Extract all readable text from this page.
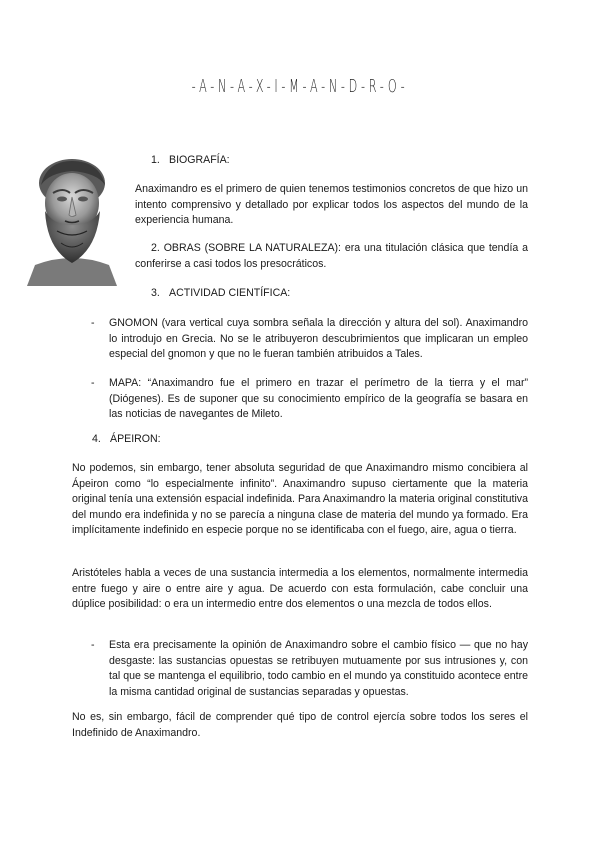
-A-N-A-X-I-M-A-N-D-R-O-

1. BIOGRAFÍA:

Anaximandro es el primero de quien tenemos testimonios concretos de que hizo un intento comprensivo y detallado por explicar todos los aspectos del mundo de la experiencia humana.

2. OBRAS (SOBRE LA NATURALEZA): era una titulación clásica que tendía a conferirse a casi todos los presocráticos.

3. ACTIVIDAD CIENTÍFICA:

- GNOMON (vara vertical cuya sombra señala la dirección y altura del sol). Anaximandro lo introdujo en Grecia. No se le atribuyeron descubrimientos que implicaran un empleo especial del gnomon y que no le fueran también atribuidos a Tales.

- MAPA: “Anaximandro fue el primero en trazar el perímetro de la tierra y el mar” (Diógenes). Es de suponer que su conocimiento empírico de la geografía se basara en las noticias de navegantes de Mileto.

4. ÁPEIRON:

No podemos, sin embargo, tener absoluta seguridad de que Anaximandro mismo concibiera al Ápeiron como “lo especialmente infinito”. Anaximandro supuso ciertamente que la materia original tenía una extensión espacial indefinida. Para Anaximandro la materia original constitutiva del mundo era indefinida y no se parecía a ninguna clase de materia del mundo ya formado. Era implícitamente indefinido en especie porque no se identificaba con el fuego, aire, agua o tierra.

Aristóteles habla a veces de una sustancia intermedia a los elementos, normalmente intermedia entre fuego y aire o entre aire y agua. De acuerdo con esta formulación, cabe concluir una dúplice posibilidad: o era un intermedio entre dos elementos o una mezcla de todos ellos.

- Esta era precisamente la opinión de Anaximandro sobre el cambio físico — que no hay desgaste: las sustancias opuestas se retribuyen mutuamente por sus intrusiones y, con tal que se mantenga el equilibrio, todo cambio en el mundo ya constituido acontece entre la misma cantidad original de sustancias separadas y opuestas.

No es, sin embargo, fácil de comprender qué tipo de control ejercía sobre todos los seres el Indefinido de Anaximandro.
